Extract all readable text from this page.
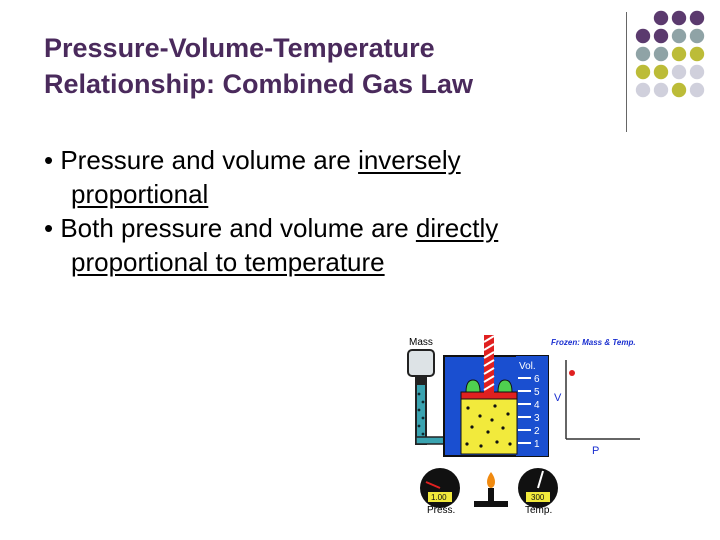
Pressure-Volume-Temperature
Relationship: Combined Gas Law
• Pressure and volume are inversely
proportional
• Both pressure and volume are directly
proportional to temperature
Mass
Vol.
6
5
4
3
2
1
1.00
Press.
300
Temp.
Frozen: Mass & Temp.
V
P
